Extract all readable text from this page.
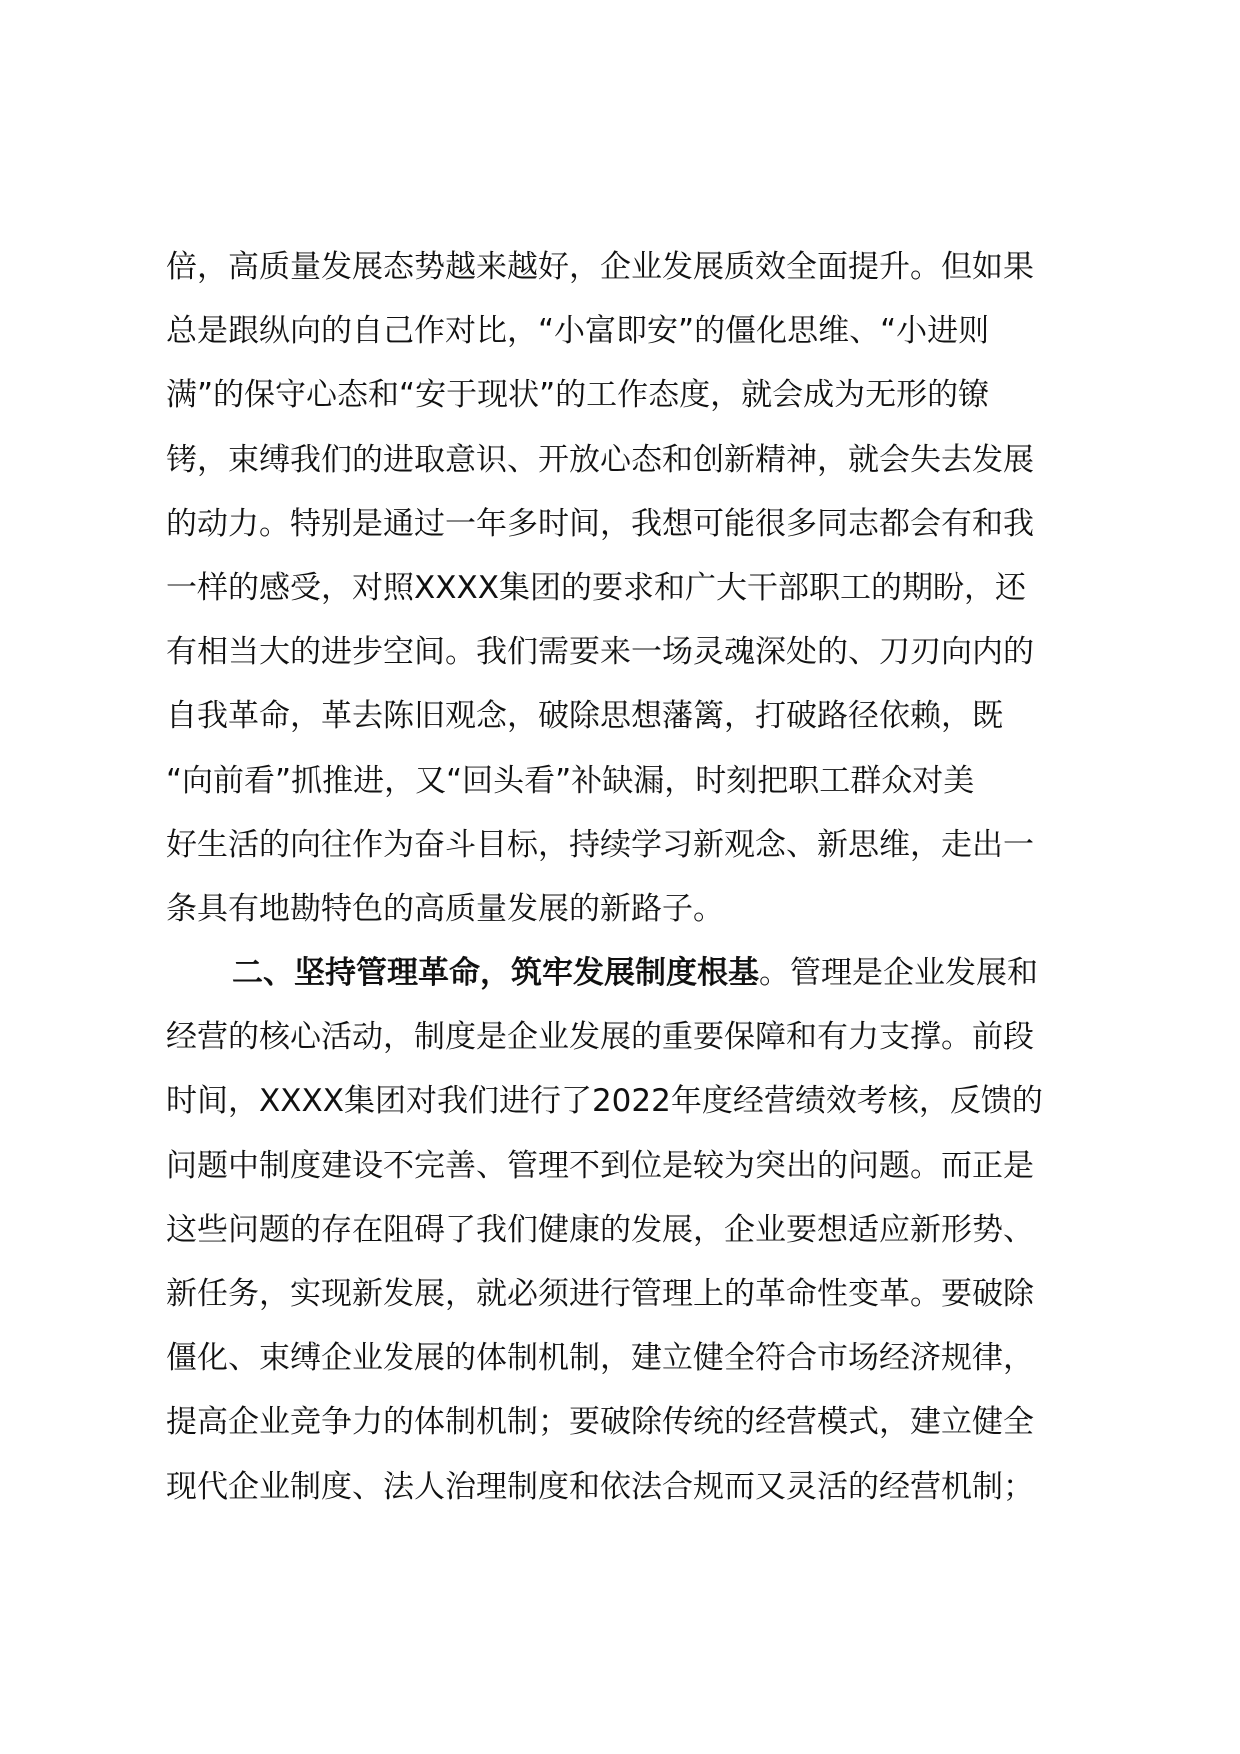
倍，高质量发展态势越来越好，企业发展质效全面提升。但如果

总是跟纵向的自己作对比，“小富即安”的僵化思维、“小进则

满”的保守心态和“安于现状”的工作态度，就会成为无形的镣

铐，束缚我们的进取意识、开放心态和创新精神，就会失去发展

的动力。特别是通过一年多时间，我想可能很多同志都会有和我

一样的感受，对照XXXX集团的要求和广大干部职工的期盼，还

有相当大的进步空间。我们需要来一场灵魂深处的、刀刃向内的

自我革命，革去陈旧观念，破除思想藩篱，打破路径依赖，既

“向前看”抓推进，又“回头看”补缺漏，时刻把职工群众对美

好生活的向往作为奋斗目标，持续学习新观念、新思维，走出一

条具有地勘特色的高质量发展的新路子。

二、坚持管理革命，筑牢发展制度根基。管理是企业发展和

经营的核心活动，制度是企业发展的重要保障和有力支撑。前段

时间，XXXX集团对我们进行了2022年度经营绩效考核，反馈的

问题中制度建设不完善、管理不到位是较为突出的问题。而正是

这些问题的存在阻碍了我们健康的发展，企业要想适应新形势、

新任务，实现新发展，就必须进行管理上的革命性变革。要破除

僵化、束缚企业发展的体制机制，建立健全符合市场经济规律，

提高企业竞争力的体制机制；要破除传统的经营模式，建立健全

现代企业制度、法人治理制度和依法合规而又灵活的经营机制；
